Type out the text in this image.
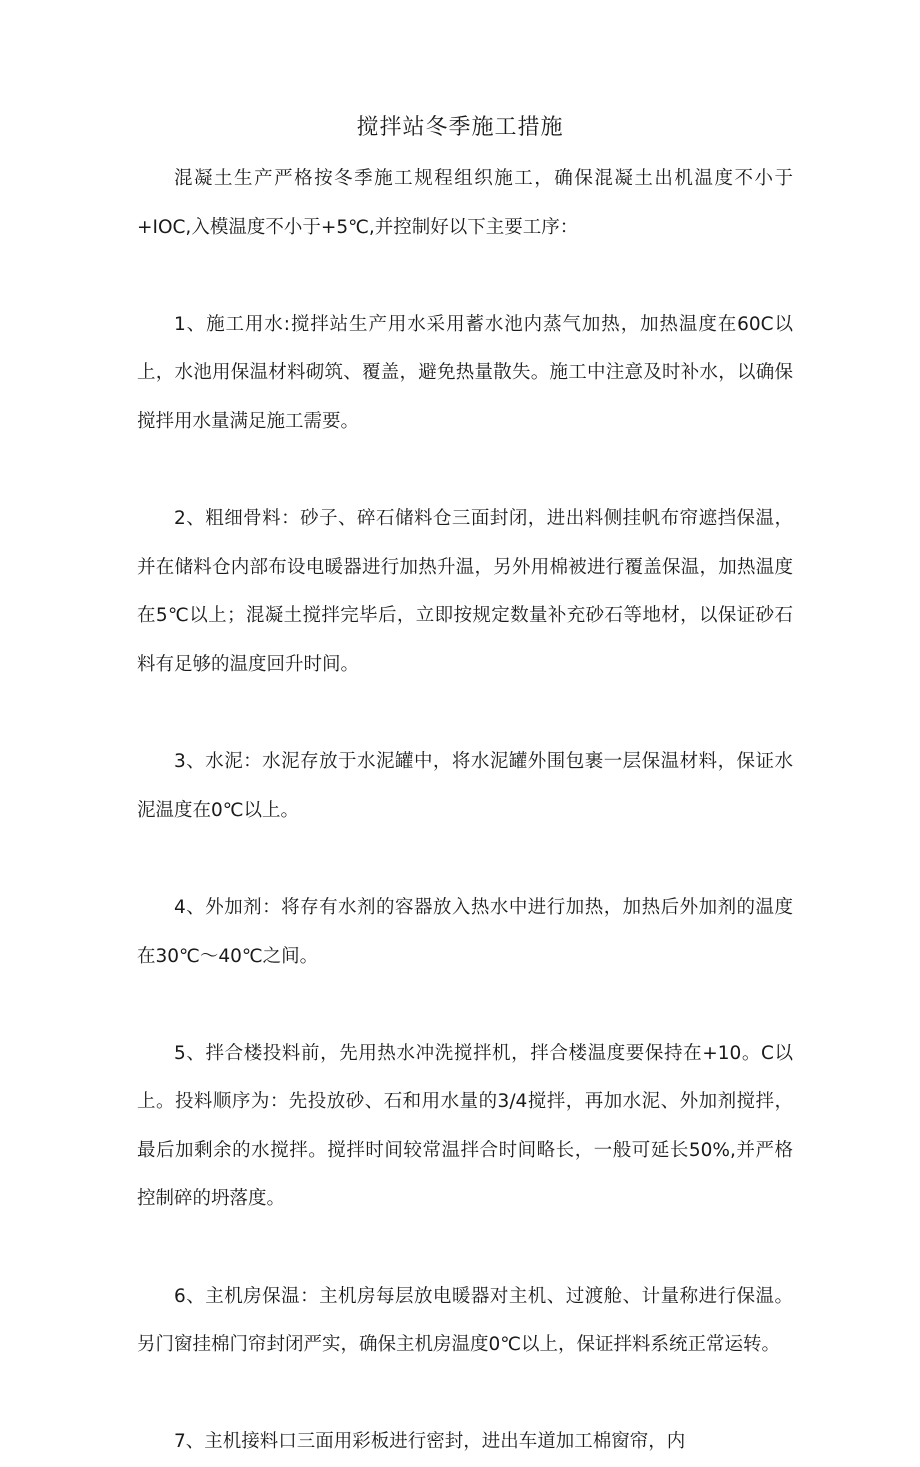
搅拌站冬季施工措施

混凝土生产严格按冬季施工规程组织施工，确保混凝土出机温度不小于+IOC,入模温度不小于+5℃,并控制好以下主要工序：

1、施工用水:搅拌站生产用水采用蓄水池内蒸气加热，加热温度在60C以上，水池用保温材料砌筑、覆盖，避免热量散失。施工中注意及时补水，以确保搅拌用水量满足施工需要。

2、粗细骨料：砂子、碎石储料仓三面封闭，进出料侧挂帆布帘遮挡保温，并在储料仓内部布设电暖器进行加热升温，另外用棉被进行覆盖保温，加热温度在5℃以上；混凝土搅拌完毕后，立即按规定数量补充砂石等地材，以保证砂石料有足够的温度回升时间。

3、水泥：水泥存放于水泥罐中，将水泥罐外围包裹一层保温材料，保证水泥温度在0℃以上。

4、外加剂：将存有水剂的容器放入热水中进行加热，加热后外加剂的温度在30℃～40℃之间。

5、拌合楼投料前，先用热水冲洗搅拌机，拌合楼温度要保持在+10。C以上。投料顺序为：先投放砂、石和用水量的3/4搅拌，再加水泥、外加剂搅拌，最后加剩余的水搅拌。搅拌时间较常温拌合时间略长，一般可延长50%,并严格控制碎的坍落度。

6、主机房保温：主机房每层放电暖器对主机、过渡舱、计量称进行保温。另门窗挂棉门帘封闭严实，确保主机房温度0℃以上，保证拌料系统正常运转。

7、主机接料口三面用彩板进行密封，进出车道加工棉窗帘，内
